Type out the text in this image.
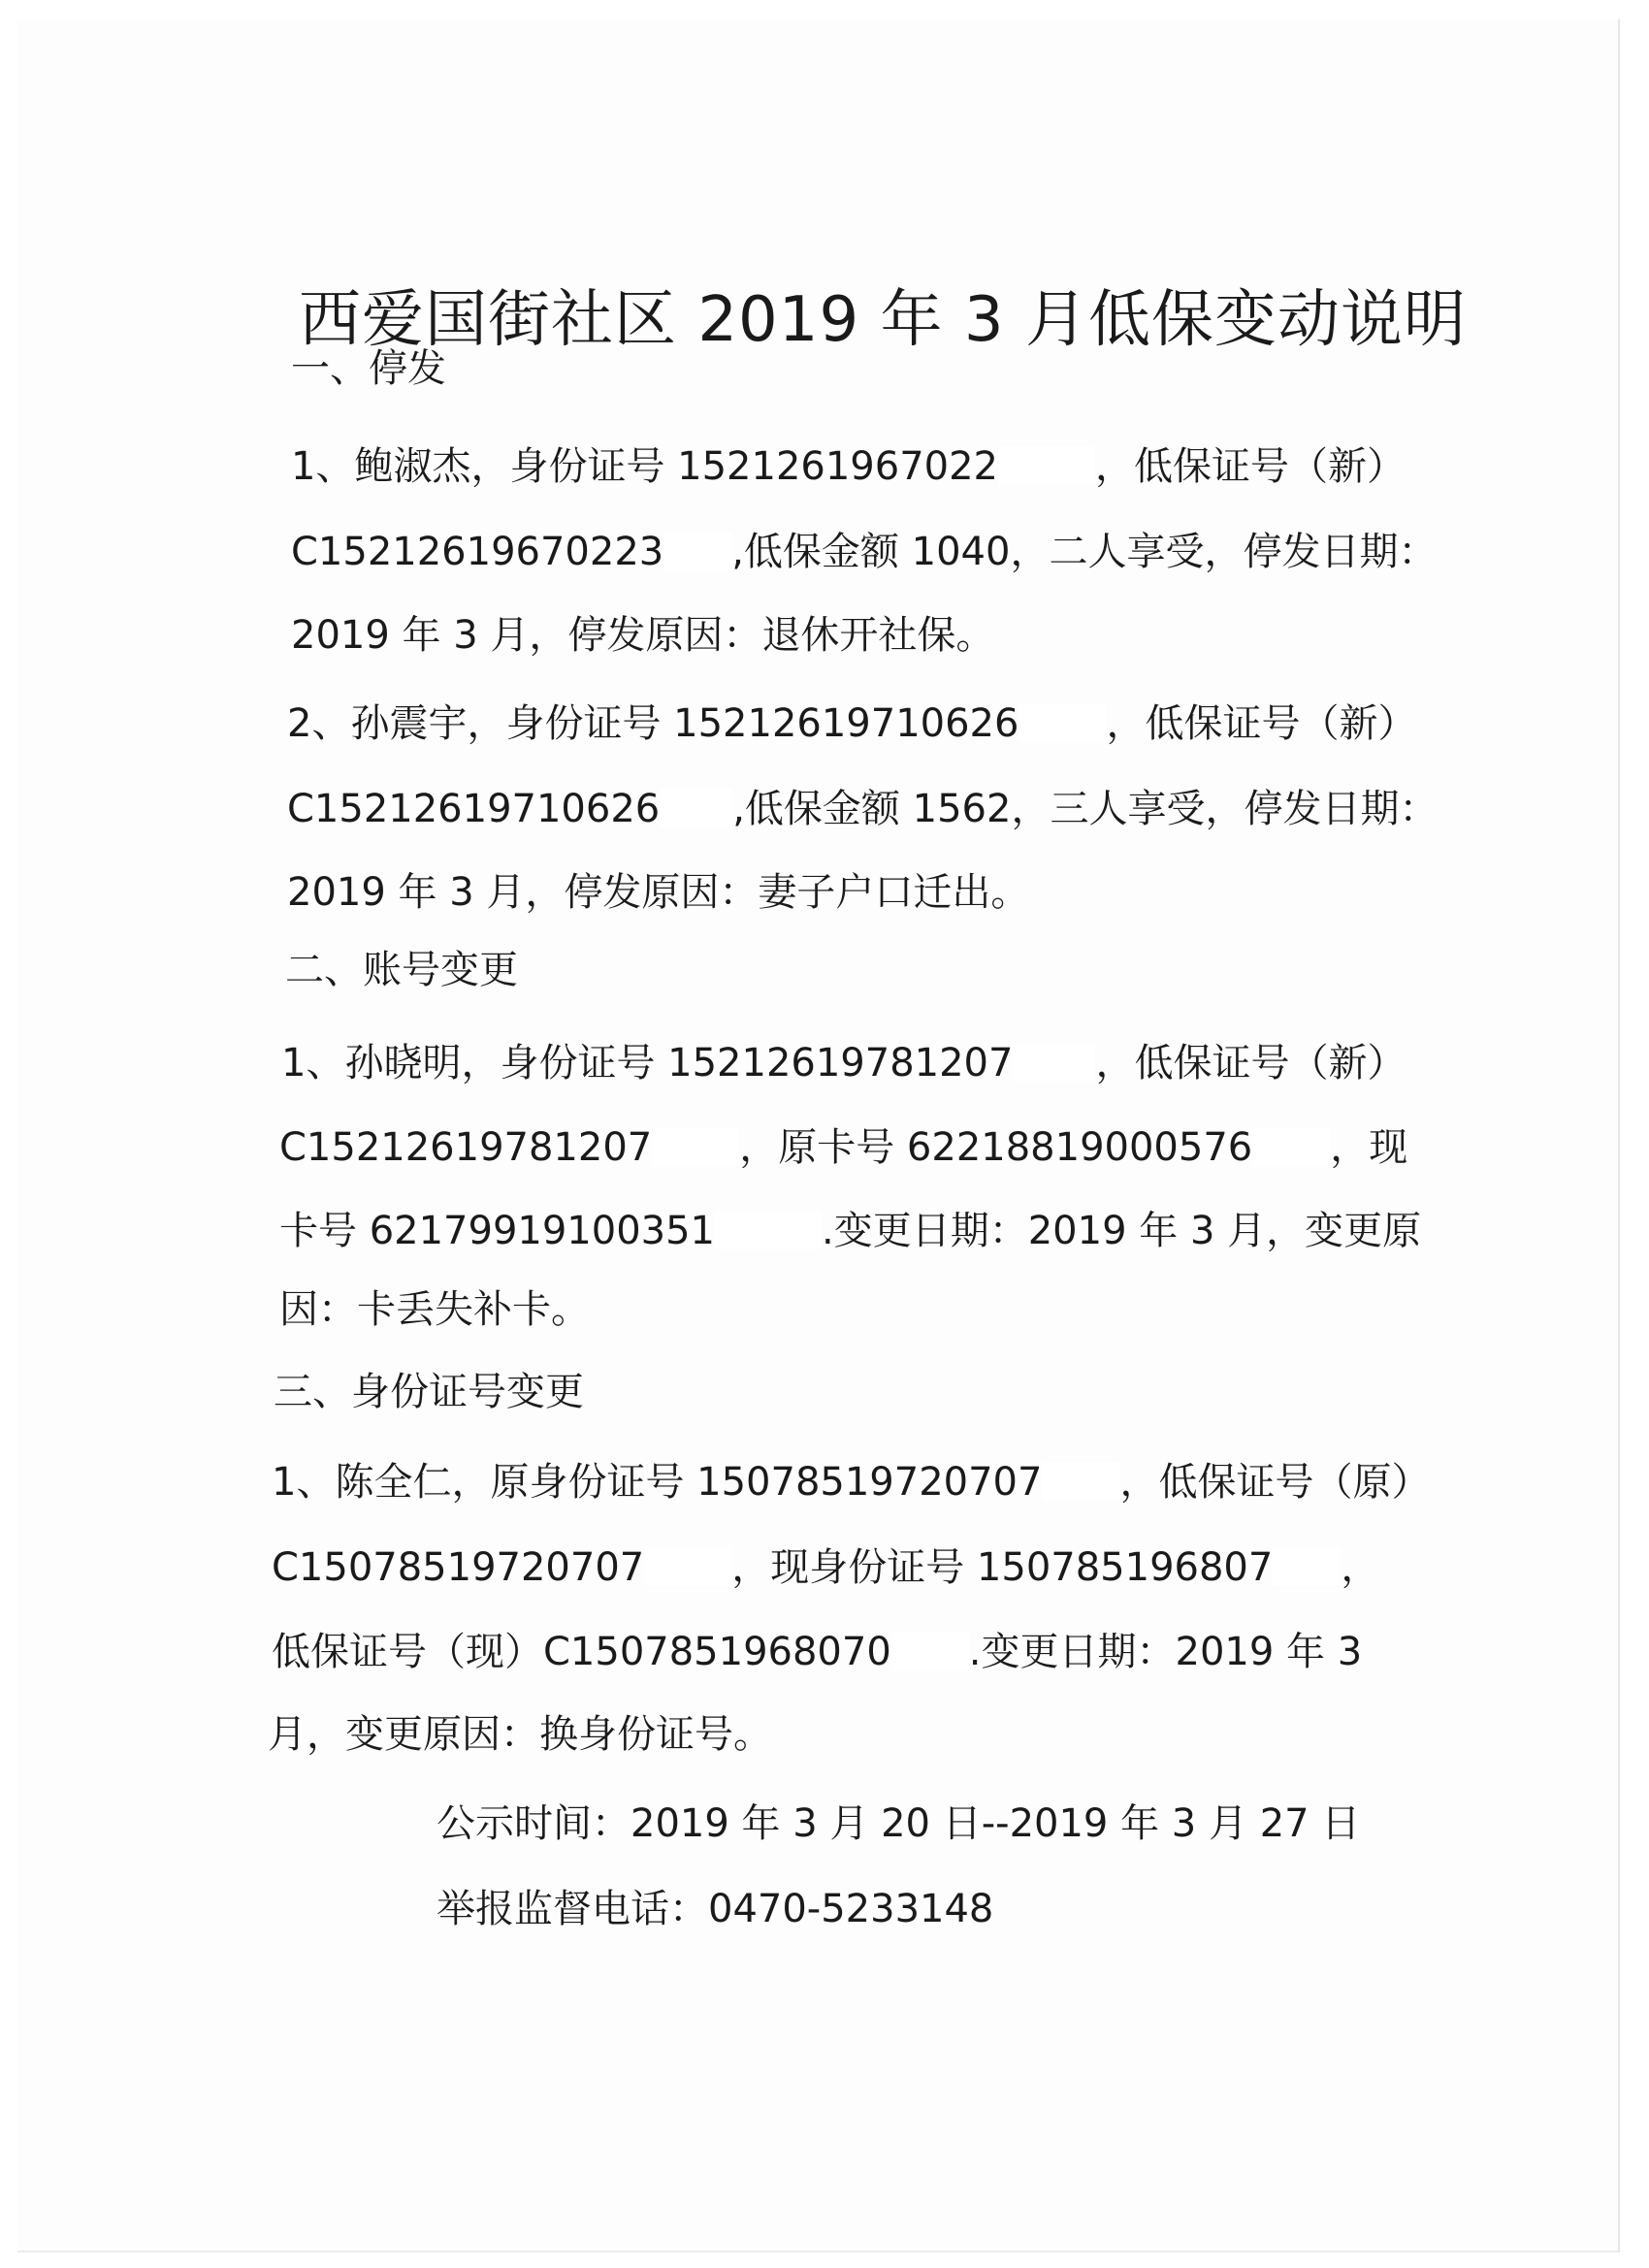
西爱国街社区 2019 年 3 月低保变动说明
一、停发
1、鲍淑杰，身份证号 1521261967022	，低保证号（新）
C15212619670223 ,低保金额 1040，二人享受，停发日期：
2019 年 3 月，停发原因：退休开社保。
2、孙震宇，身份证号 15212619710626 ，低保证号（新）
C15212619710626 ,低保金额 1562，三人享受，停发日期：
2019 年 3 月，停发原因：妻子户口迁出。
二、账号变更
1、孙晓明，身份证号 15212619781207 ，低保证号（新）
C15212619781207 ，原卡号 62218819000576 ，现
卡号 62179919100351	.变更日期：2019 年 3 月，变更原
因：卡丢失补卡。
三、身份证号变更
1、陈全仁，原身份证号 15078519720707 ，低保证号（原）
C15078519720707 ，现身份证号 150785196807 ，
低保证号（现）C1507851968070 .变更日期：2019 年 3
月，变更原因：换身份证号。
公示时间：2019 年 3 月 20 日--2019 年 3 月 27 日
举报监督电话：0470-5233148
